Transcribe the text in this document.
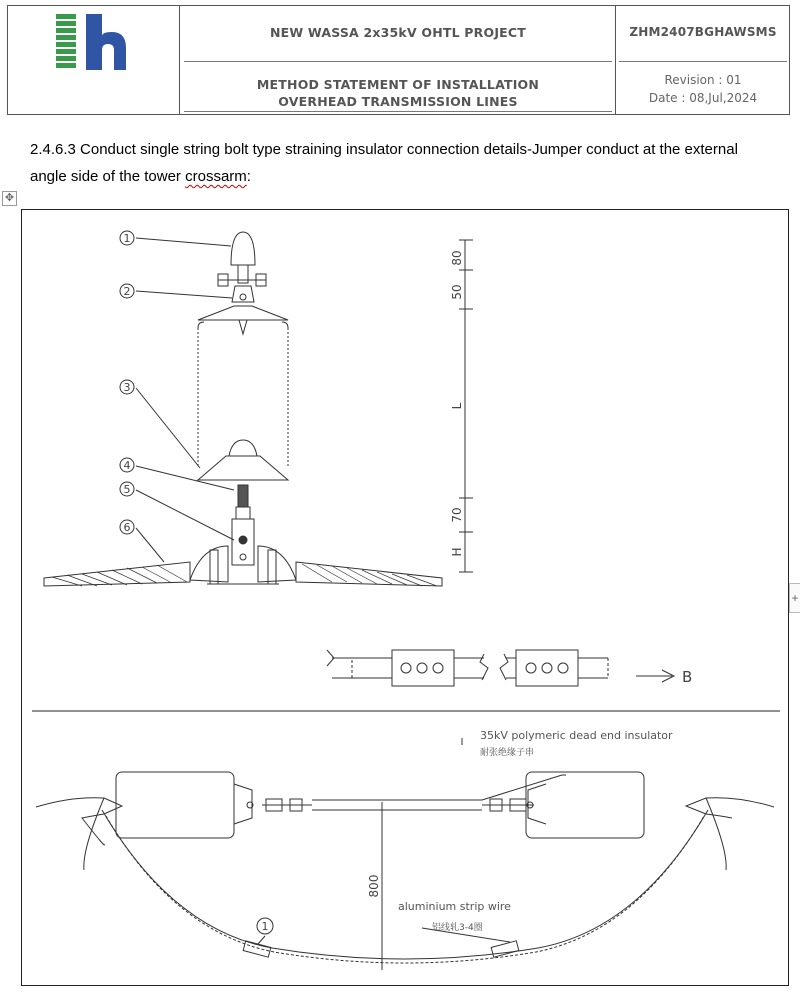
NEW WASSA 2x35kV OHTL PROJECT	ZHM2407BGHAWSMS
METHOD STATEMENT OF INSTALLATION
OVERHEAD TRANSMISSION LINES
Revision : 01
Date : 08,Jul,2024
2.4.6.3 Conduct single string bolt type straining insulator connection details-Jumper conduct at the external angle side of the tower crossarm:
✥
+
1
2
3
4
5
6
1
80
50
L
70
H
800
B
35kV polymeric dead end insulator
耐张绝缘子串
aluminium strip wire
铝线轧3-4圈
